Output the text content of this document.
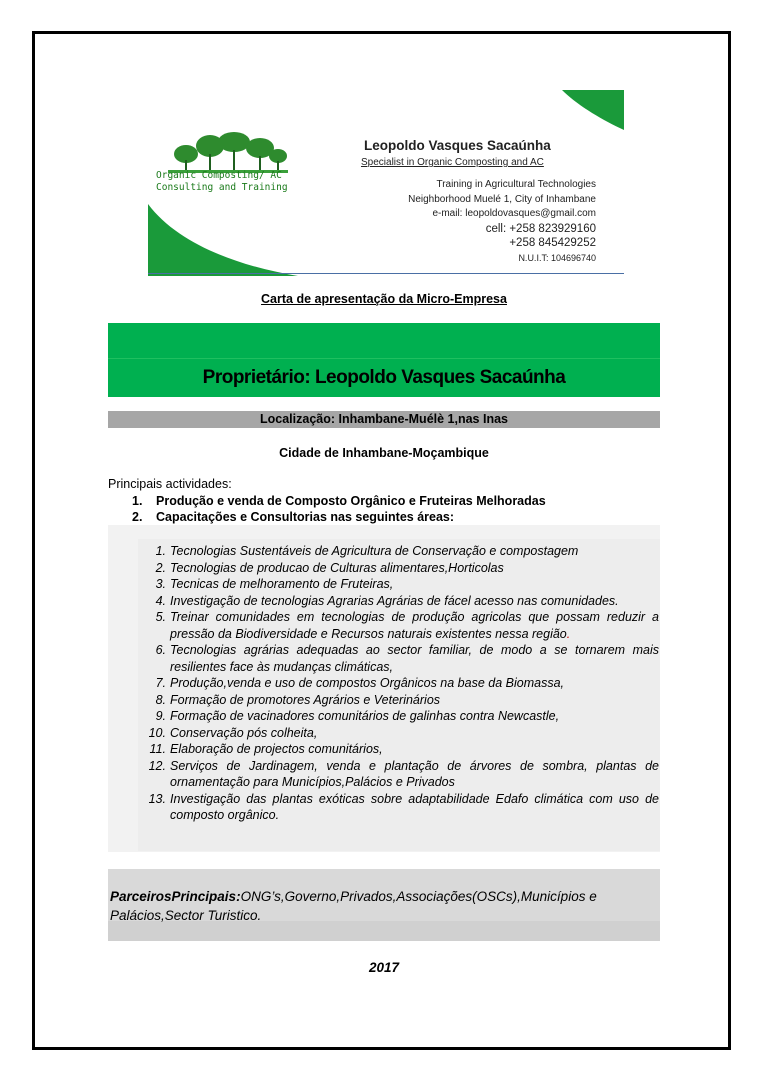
Organic Composting/ AC
Consulting and Training
Leopoldo Vasques Sacaúnha
Specialist in Organic Composting and AC
Training in Agricultural Technologies
Neighborhood Muelé 1, City of Inhambane
e-mail: leopoldovasques@gmail.com
cell: +258 823929160
+258 845429252
N.U.I.T: 104696740
Carta de apresentação da Micro-Empresa
Proprietário: Leopoldo Vasques Sacaúnha
Localização: Inhambane-Muélè 1,nas Inas
Cidade de Inhambane-Moçambique
Principais actividades:
1. Produção e venda de Composto Orgânico e Fruteiras Melhoradas
2. Capacitações e Consultorias nas seguintes áreas:
1. Tecnologias Sustentáveis de Agricultura de Conservação e compostagem
2. Tecnologias de producao de Culturas alimentares,Horticolas
3. Tecnicas de melhoramento de Fruteiras,
4. Investigação de tecnologias Agrarias Agrárias de fácel acesso nas comunidades.
5. Treinar comunidades em tecnologias de produção agricolas que possam reduzir a pressão da Biodiversidade e Recursos naturais existentes nessa região.
6. Tecnologias agrárias adequadas ao sector familiar, de modo a se tornarem mais resilientes face às mudanças climáticas,
7. Produção,venda e uso de compostos Orgânicos na base da Biomassa,
8. Formação de promotores Agrários e Veterinários
9. Formação de vacinadores comunitários de galinhas contra Newcastle,
10. Conservação pós colheita,
11. Elaboração de projectos comunitários,
12. Serviços de Jardinagem, venda e plantação de árvores de sombra, plantas de ornamentação para Municípios,Palácios e Privados
13. Investigação das plantas exóticas sobre adaptabilidade Edafo climática com uso de composto orgânico.
ParceirosPrincipais:ONG’s,Governo,Privados,Associações(OSCs),Municípios e Palácios,Sector Turistico.
2017
